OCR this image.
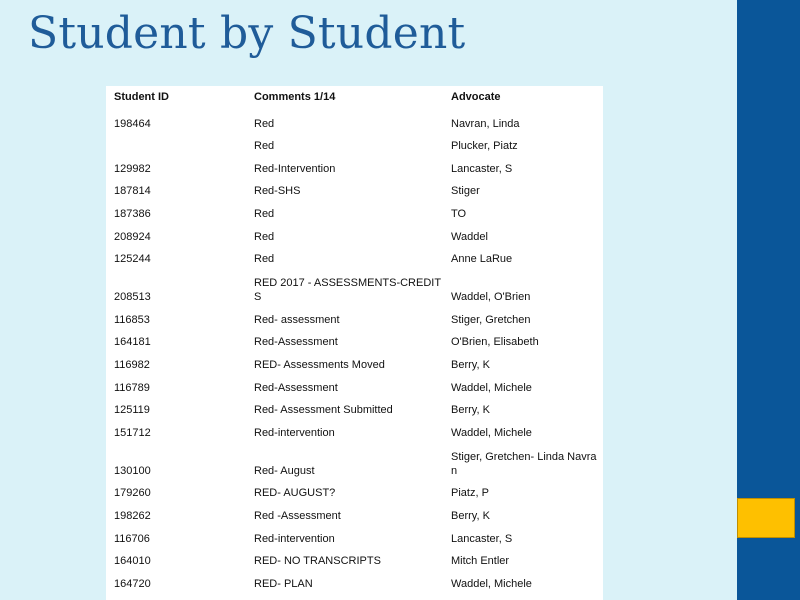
Student by Student
Student ID	Comments 1/14	Advocate

198464	Red	Navran, Linda

	Red	Plucker, Piatz

129982	Red-Intervention	Lancaster, S

187814	Red-SHS	Stiger

187386	Red	TO

208924	Red	Waddel

125244	Red	Anne LaRue

208513	RED 2017 - ASSESSMENTS-CREDITS	Waddel, O'Brien

116853	Red- assessment	Stiger, Gretchen

164181	Red-Assessment	O'Brien, Elisabeth

116982	RED- Assessments Moved	Berry, K

116789	Red-Assessment	Waddel, Michele

125119	Red- Assessment Submitted	Berry, K

151712	Red-intervention	Waddel, Michele

130100	Red- August	Stiger, Gretchen- Linda Navran

179260	RED- AUGUST?	Piatz, P

198262	Red -Assessment	Berry, K

116706	Red-intervention	Lancaster, S

164010	RED- NO TRANSCRIPTS	Mitch Entler

164720	RED- PLAN	Waddel, Michele
